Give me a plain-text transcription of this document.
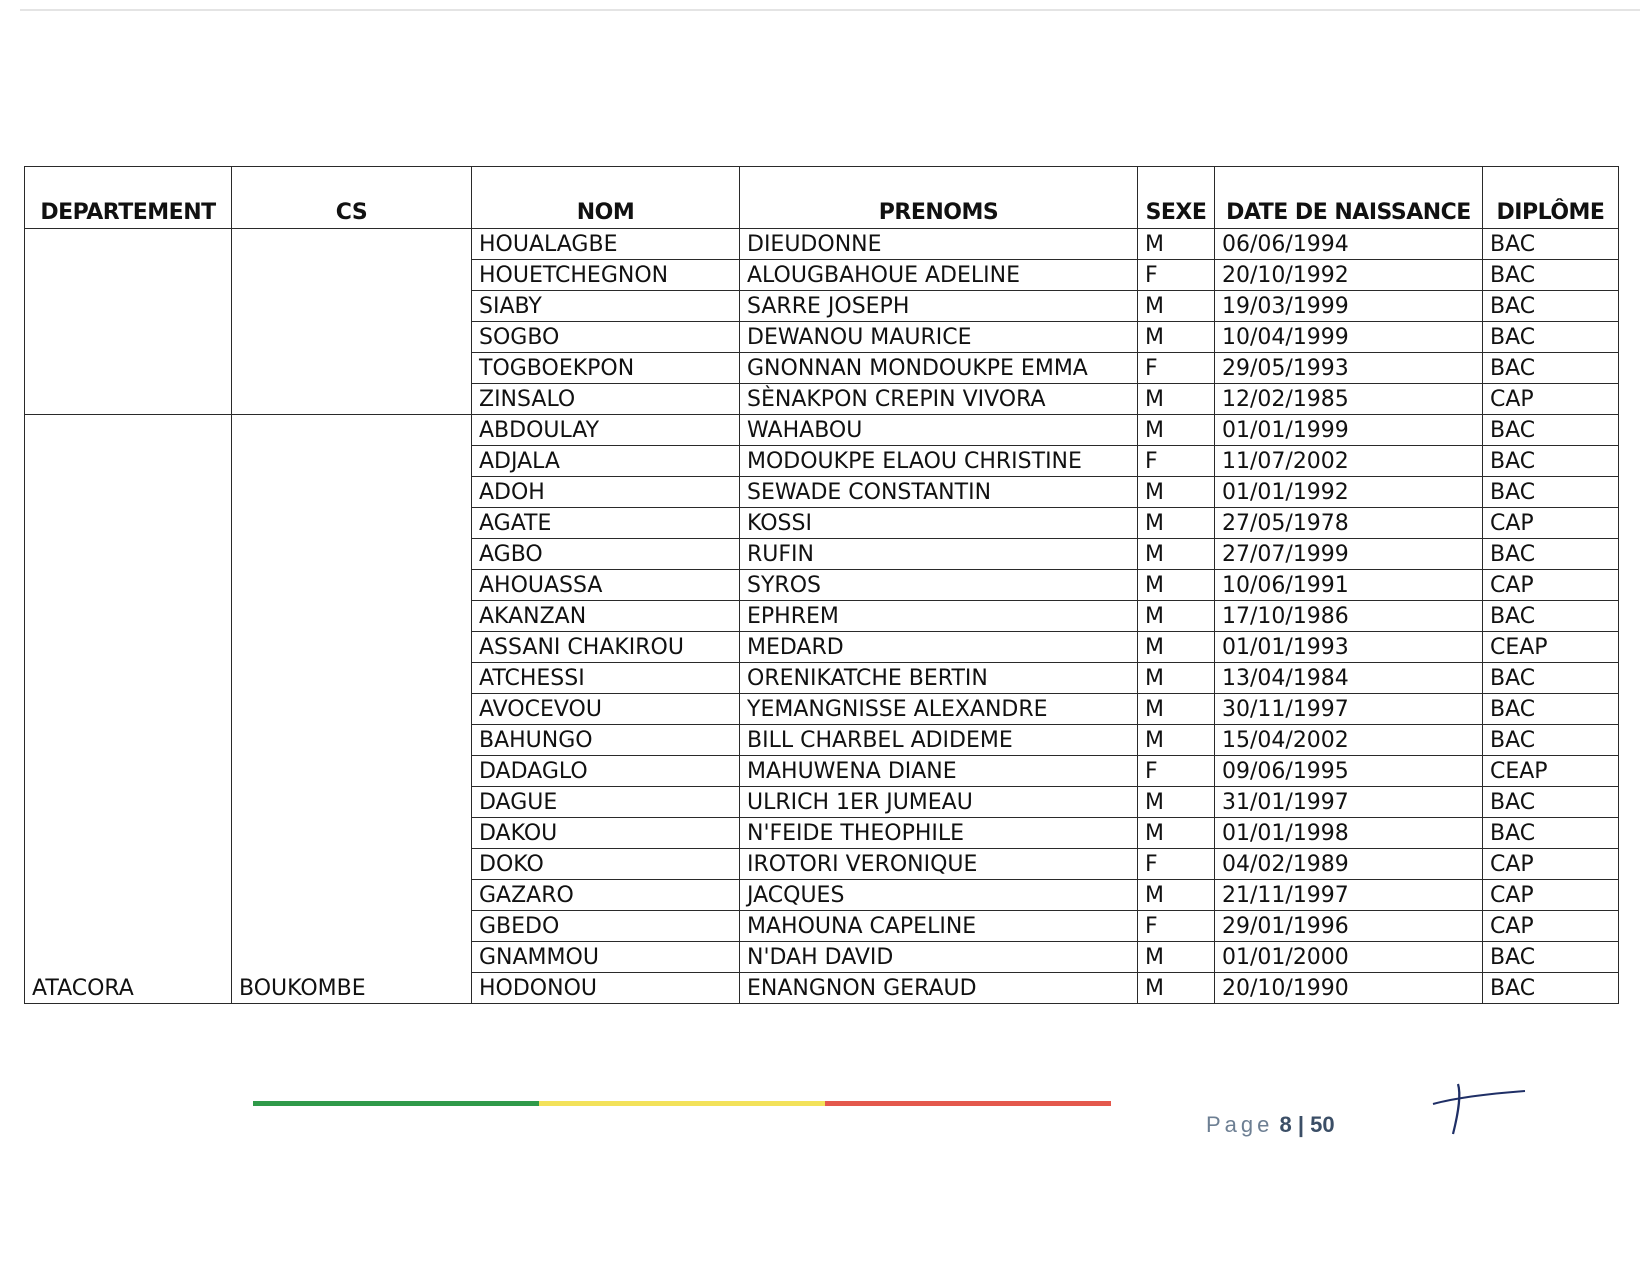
DEPARTEMENT	CS	NOM	PRENOMS	SEXE	DATE DE NAISSANCE	DIPLÔME
		HOUALAGBE	DIEUDONNE	M	06/06/1994	BAC
		HOUETCHEGNON	ALOUGBAHOUE ADELINE	F	20/10/1992	BAC
		SIABY	SARRE JOSEPH	M	19/03/1999	BAC
		SOGBO	DEWANOU MAURICE	M	10/04/1999	BAC
		TOGBOEKPON	GNONNAN MONDOUKPE EMMA	F	29/05/1993	BAC
		ZINSALO	SÈNAKPON CREPIN VIVORA	M	12/02/1985	CAP
ATACORA	BOUKOMBE	ABDOULAY	WAHABOU	M	01/01/1999	BAC
		ADJALA	MODOUKPE ELAOU CHRISTINE	F	11/07/2002	BAC
		ADOH	SEWADE CONSTANTIN	M	01/01/1992	BAC
		AGATE	KOSSI	M	27/05/1978	CAP
		AGBO	RUFIN	M	27/07/1999	BAC
		AHOUASSA	SYROS	M	10/06/1991	CAP
		AKANZAN	EPHREM	M	17/10/1986	BAC
		ASSANI CHAKIROU	MEDARD	M	01/01/1993	CEAP
		ATCHESSI	ORENIKATCHE BERTIN	M	13/04/1984	BAC
		AVOCEVOU	YEMANGNISSE ALEXANDRE	M	30/11/1997	BAC
		BAHUNGO	BILL CHARBEL ADIDEME	M	15/04/2002	BAC
		DADAGLO	MAHUWENA DIANE	F	09/06/1995	CEAP
		DAGUE	ULRICH 1ER JUMEAU	M	31/01/1997	BAC
		DAKOU	N'FEIDE THEOPHILE	M	01/01/1998	BAC
		DOKO	IROTORI VERONIQUE	F	04/02/1989	CAP
		GAZARO	JACQUES	M	21/11/1997	CAP
		GBEDO	MAHOUNA CAPELINE	F	29/01/1996	CAP
		GNAMMOU	N'DAH DAVID	M	01/01/2000	BAC
		HODONOU	ENANGNON GERAUD	M	20/10/1990	BAC
Page 8 | 50
